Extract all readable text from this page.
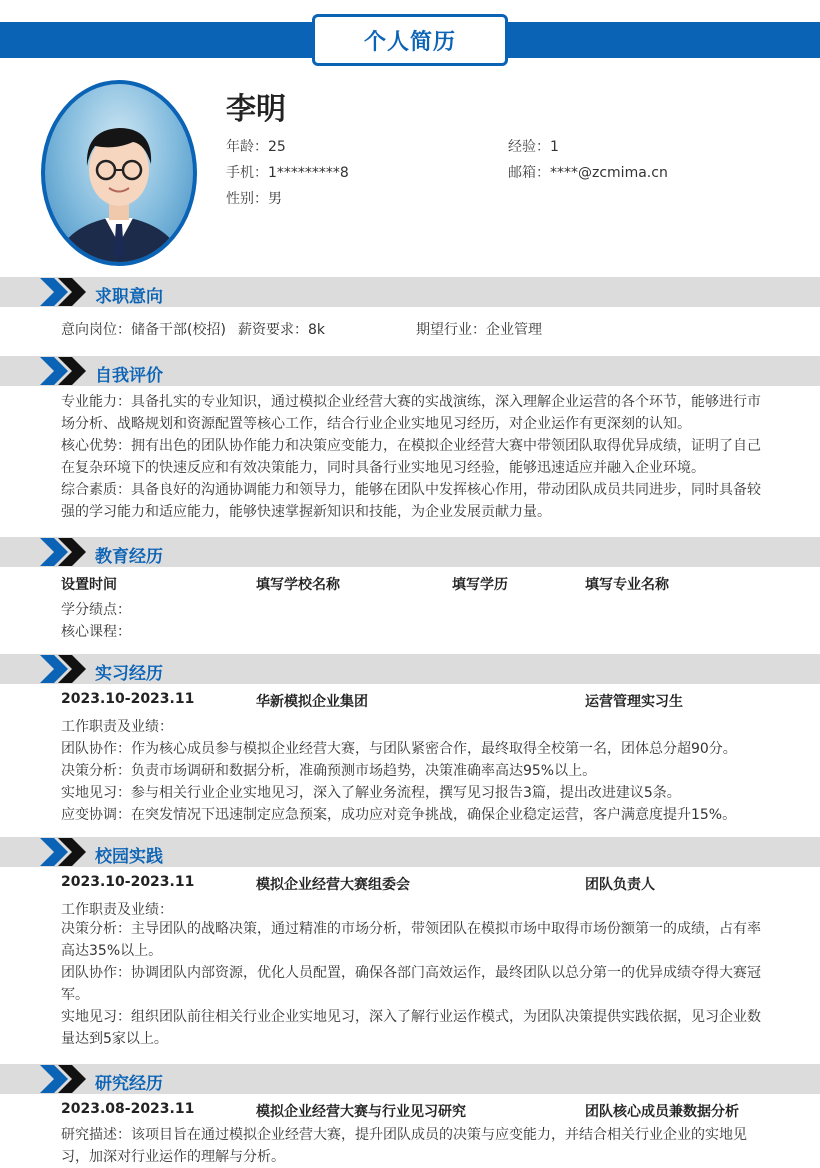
个人简历
李明
年龄：25	经验：1
手机：1*********8	邮箱：****@zcmima.cn
性别：男
求职意向
意向岗位：储备干部(校招) 薪资要求：8k	期望行业：企业管理
自我评价
专业能力：具备扎实的专业知识，通过模拟企业经营大赛的实战演练，深入理解企业运营的各个环节，能够进行市场分析、战略规划和资源配置等核心工作，结合行业企业实地见习经历，对企业运作有更深刻的认知。
核心优势：拥有出色的团队协作能力和决策应变能力，在模拟企业经营大赛中带领团队取得优异成绩，证明了自己在复杂环境下的快速反应和有效决策能力，同时具备行业实地见习经验，能够迅速适应并融入企业环境。
综合素质：具备良好的沟通协调能力和领导力，能够在团队中发挥核心作用，带动团队成员共同进步，同时具备较强的学习能力和适应能力，能够快速掌握新知识和技能，为企业发展贡献力量。
教育经历
设置时间	填写学校名称	填写学历	填写专业名称
学分绩点：
核心课程：
实习经历
2023.10-2023.11	华新模拟企业集团	运营管理实习生
工作职责及业绩：
团队协作：作为核心成员参与模拟企业经营大赛，与团队紧密合作，最终取得全校第一名，团体总分超90分。
决策分析：负责市场调研和数据分析，准确预测市场趋势，决策准确率高达95%以上。
实地见习：参与相关行业企业实地见习，深入了解业务流程，撰写见习报告3篇，提出改进建议5条。
应变协调：在突发情况下迅速制定应急预案，成功应对竞争挑战，确保企业稳定运营，客户满意度提升15%。
校园实践
2023.10-2023.11	模拟企业经营大赛组委会	团队负责人
工作职责及业绩：
决策分析：主导团队的战略决策，通过精准的市场分析，带领团队在模拟市场中取得市场份额第一的成绩，占有率高达35%以上。
团队协作：协调团队内部资源，优化人员配置，确保各部门高效运作，最终团队以总分第一的优异成绩夺得大赛冠军。
实地见习：组织团队前往相关行业企业实地见习，深入了解行业运作模式，为团队决策提供实践依据，见习企业数量达到5家以上。
研究经历
2023.08-2023.11	模拟企业经营大赛与行业见习研究	团队核心成员兼数据分析
研究描述：该项目旨在通过模拟企业经营大赛，提升团队成员的决策与应变能力，并结合相关行业企业的实地见习，加深对行业运作的理解与分析。
